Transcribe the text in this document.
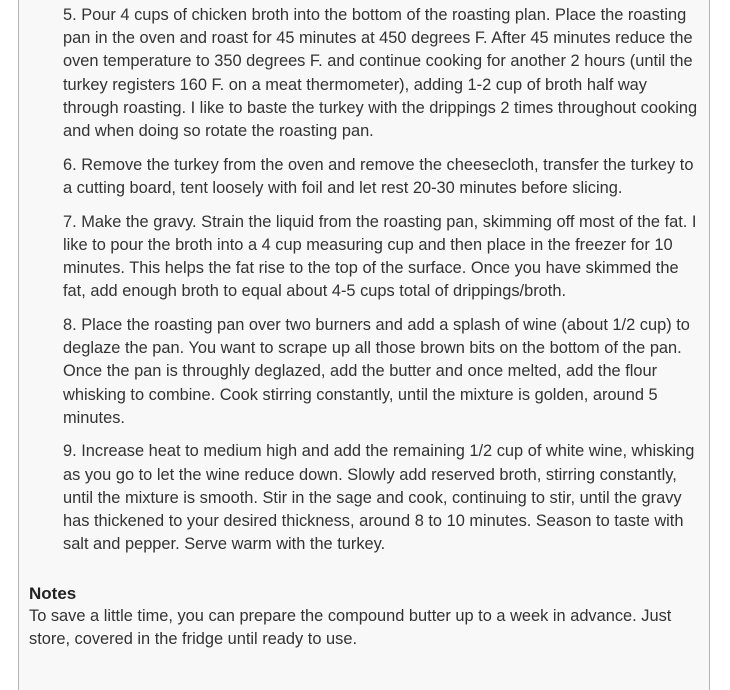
5. Pour 4 cups of chicken broth into the bottom of the roasting plan. Place the roasting pan in the oven and roast for 45 minutes at 450 degrees F. After 45 minutes reduce the oven temperature to 350 degrees F. and continue cooking for another 2 hours (until the turkey registers 160 F. on a meat thermometer), adding 1-2 cup of broth half way through roasting. I like to baste the turkey with the drippings 2 times throughout cooking and when doing so rotate the roasting pan.
6. Remove the turkey from the oven and remove the cheesecloth, transfer the turkey to a cutting board, tent loosely with foil and let rest 20-30 minutes before slicing.
7. Make the gravy. Strain the liquid from the roasting pan, skimming off most of the fat. I like to pour the broth into a 4 cup measuring cup and then place in the freezer for 10 minutes. This helps the fat rise to the top of the surface. Once you have skimmed the fat, add enough broth to equal about 4-5 cups total of drippings/broth.
8. Place the roasting pan over two burners and add a splash of wine (about 1/2 cup) to deglaze the pan. You want to scrape up all those brown bits on the bottom of the pan. Once the pan is throughly deglazed, add the butter and once melted, add the flour whisking to combine. Cook stirring constantly, until the mixture is golden, around 5 minutes.
9. Increase heat to medium high and add the remaining 1/2 cup of white wine, whisking as you go to let the wine reduce down. Slowly add reserved broth, stirring constantly, until the mixture is smooth. Stir in the sage and cook, continuing to stir, until the gravy has thickened to your desired thickness, around 8 to 10 minutes. Season to taste with salt and pepper. Serve warm with the turkey.
Notes

To save a little time, you can prepare the compound butter up to a week in advance. Just store, covered in the fridge until ready to use.
